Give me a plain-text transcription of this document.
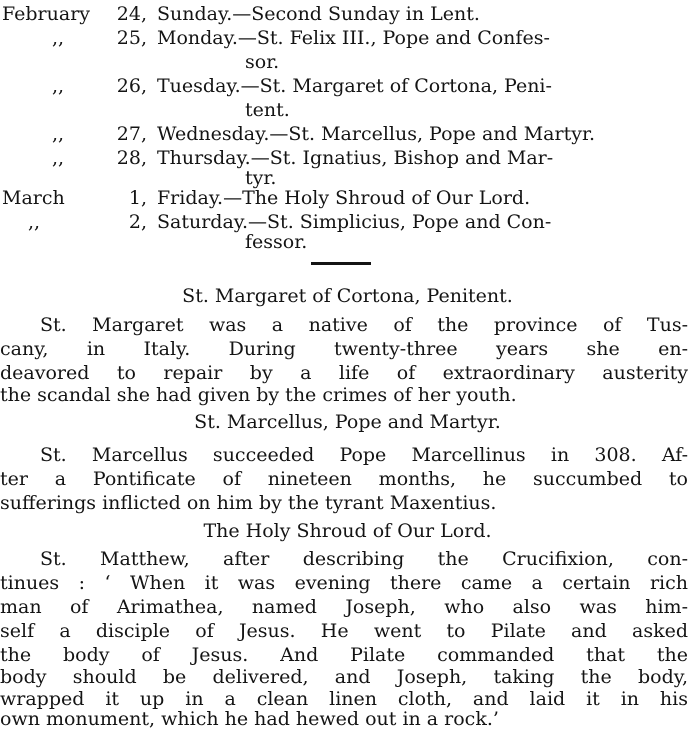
February	24, Sunday.—Second Sunday in Lent.
,,	25, Monday.—St. Felix III., Pope and Confes-
sor.
,,	26, Tuesday.—St. Margaret of Cortona, Peni-
tent.
,,	27, Wednesday.—St. Marcellus, Pope and Martyr.
,,	28, Thursday.—St. Ignatius, Bishop and Mar-
tyr.
March	1, Friday.—The Holy Shroud of Our Lord.
,,	2, Saturday.—St. Simplicius, Pope and Con-
fessor.
St. Margaret of Cortona, Penitent.
St. Margaret was a native of the province of Tus-
cany, in Italy. During twenty-three years she en-
deavored to repair by a life of extraordinary austerity
the scandal she had given by the crimes of her youth.
St. Marcellus, Pope and Martyr.
St. Marcellus succeeded Pope Marcellinus in 308. Af-
ter a Pontificate of nineteen months, he succumbed to
sufferings inflicted on him by the tyrant Maxentius.
The Holy Shroud of Our Lord.
St. Matthew, after describing the Crucifixion, con-
tinues : ‘ When it was evening there came a certain rich
man of Arimathea, named Joseph, who also was him-
self a disciple of Jesus. He went to Pilate and asked
the body of Jesus. And Pilate commanded that the
body should be delivered, and Joseph, taking the body,
wrapped it up in a clean linen cloth, and laid it in his
own monument, which he had hewed out in a rock.’
